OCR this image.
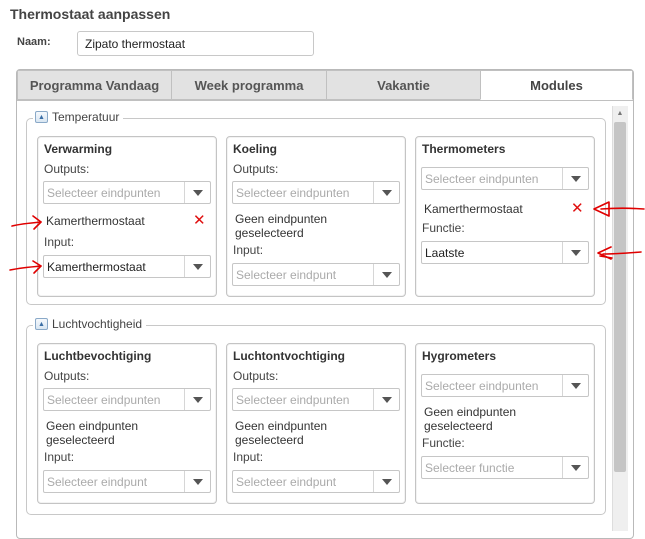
Thermostaat aanpassen
Naam:	Zipato thermostaat
Programma Vandaag	Week programma	Vakantie	Modules
▲
▲ Temperatuur
Verwarming
Outputs:
Selecteer eindpunten
Kamerthermostaat	✕
Input:
Kamerthermostaat
Koeling
Outputs:
Selecteer eindpunten
Geen eindpunten geselecteerd
Input:
Selecteer eindpunt
Thermometers
Selecteer eindpunten
Kamerthermostaat	✕
Functie:
Laatste
▲ Luchtvochtigheid
Luchtbevochtiging
Outputs:
Selecteer eindpunten
Geen eindpunten geselecteerd
Input:
Selecteer eindpunt
Luchtontvochtiging
Outputs:
Selecteer eindpunten
Geen eindpunten geselecteerd
Input:
Selecteer eindpunt
Hygrometers
Selecteer eindpunten
Geen eindpunten geselecteerd
Functie:
Selecteer functie
